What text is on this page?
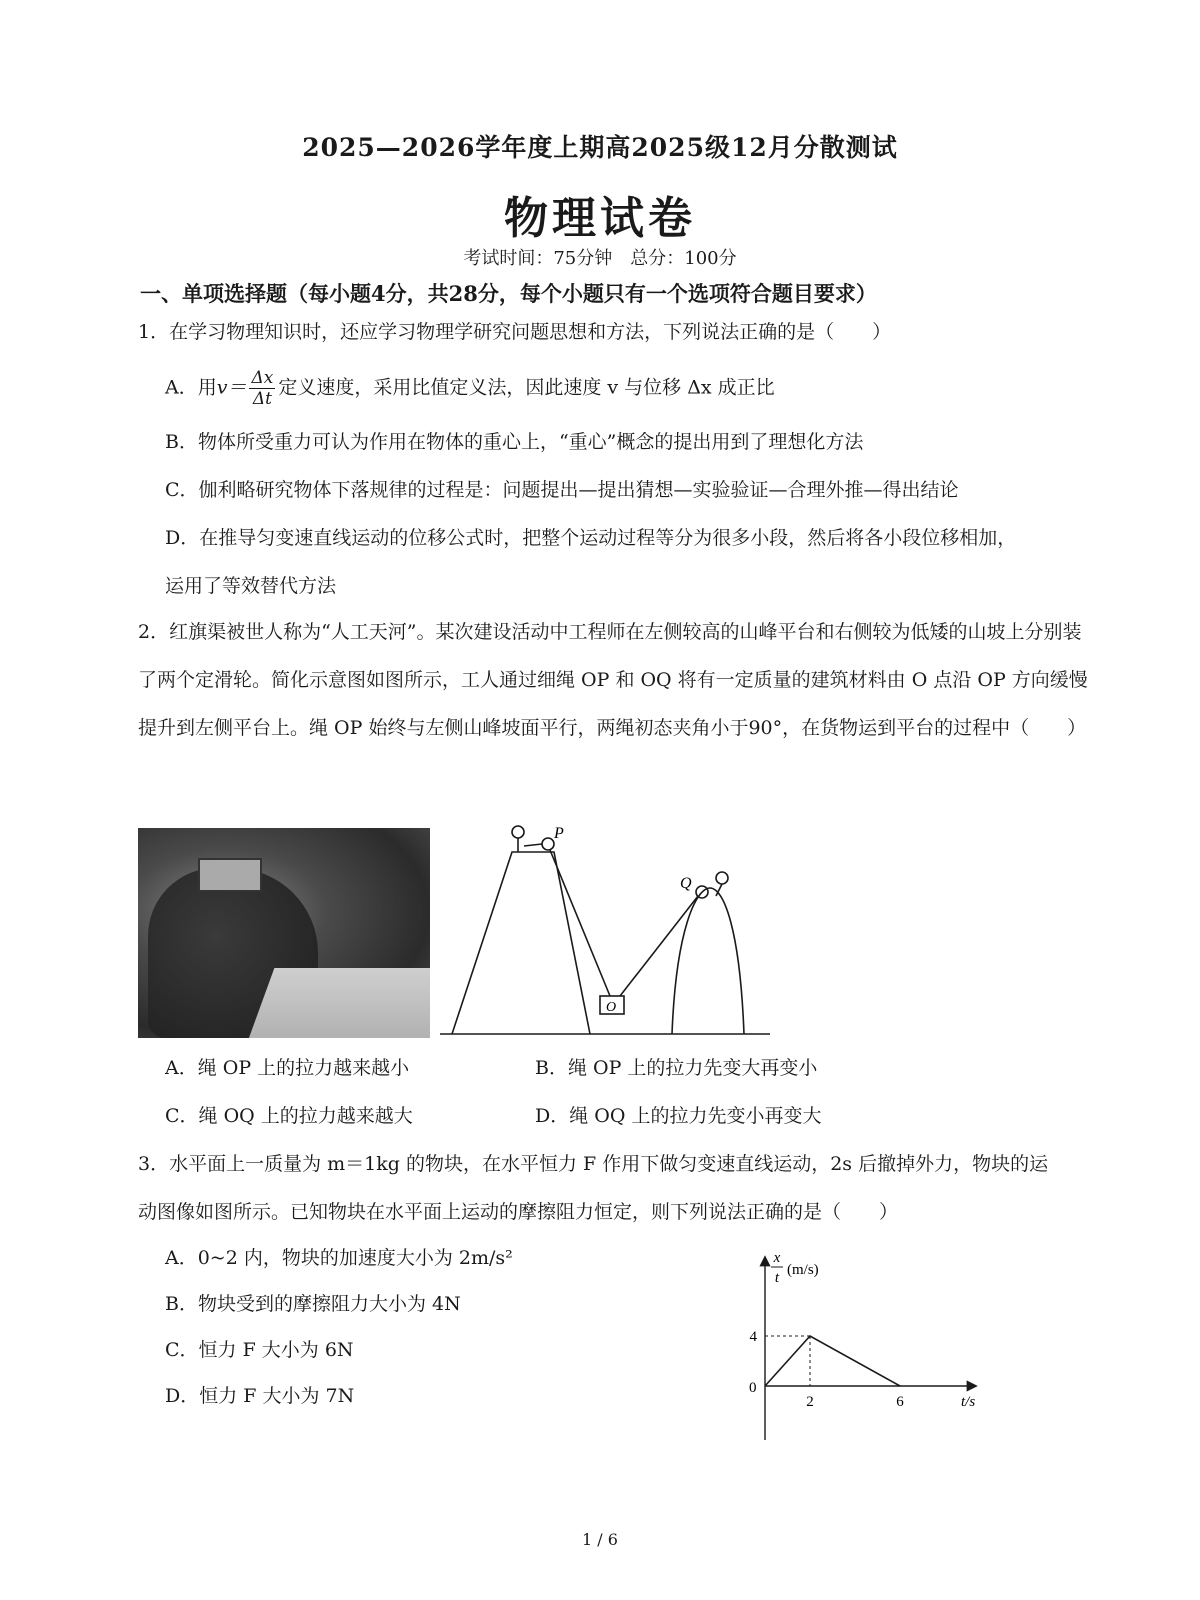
2025—2026学年度上期高2025级12月分散测试
物理试卷
考试时间：75分钟　总分：100分
一、单项选择题（每小题4分，共28分，每个小题只有一个选项符合题目要求）
1．在学习物理知识时，还应学习物理学研究问题思想和方法，下列说法正确的是（　　）
A．用$v= \frac{\Delta x}{\Delta t}$ 定义速度，采用比值定义法，因此速度 v 与位移 Δx 成正比
B．物体所受重力可认为作用在物体的重心上，“重心”概念的提出用到了理想化方法
C．伽利略研究物体下落规律的过程是：问题提出—提出猜想—实验验证—合理外推—得出结论
D．在推导匀变速直线运动的位移公式时，把整个运动过程等分为很多小段，然后将各小段位移相加，
运用了等效替代方法
2．红旗渠被世人称为“人工天河”。某次建设活动中工程师在左侧较高的山峰平台和右侧较为低矮的山坡上分别装了两个定滑轮。简化示意图如图所示，工人通过细绳 OP 和 OQ 将有一定质量的建筑材料由 O 点沿 OP 方向缓慢提升到左侧平台上。绳 OP 始终与左侧山峰坡面平行，两绳初态夹角小于90°，在货物运到平台的过程中（　　）
P
Q
O
A．绳 OP 上的拉力越来越小	B．绳 OP 上的拉力先变大再变小
C．绳 OQ 上的拉力越来越大	D．绳 OQ 上的拉力先变小再变大
3．水平面上一质量为 m＝1kg 的物块，在水平恒力 F 作用下做匀变速直线运动，2s 后撤掉外力，物块的运
动图像如图所示。已知物块在水平面上运动的摩擦阻力恒定，则下列说法正确的是（　　）
A．0~2 内，物块的加速度大小为 2m/s²
B．物块受到的摩擦阻力大小为 4N
C．恒力 F 大小为 6N
D．恒力 F 大小为 7N	2	6
4
x
t (m/s)
t/s
0
1 / 6
